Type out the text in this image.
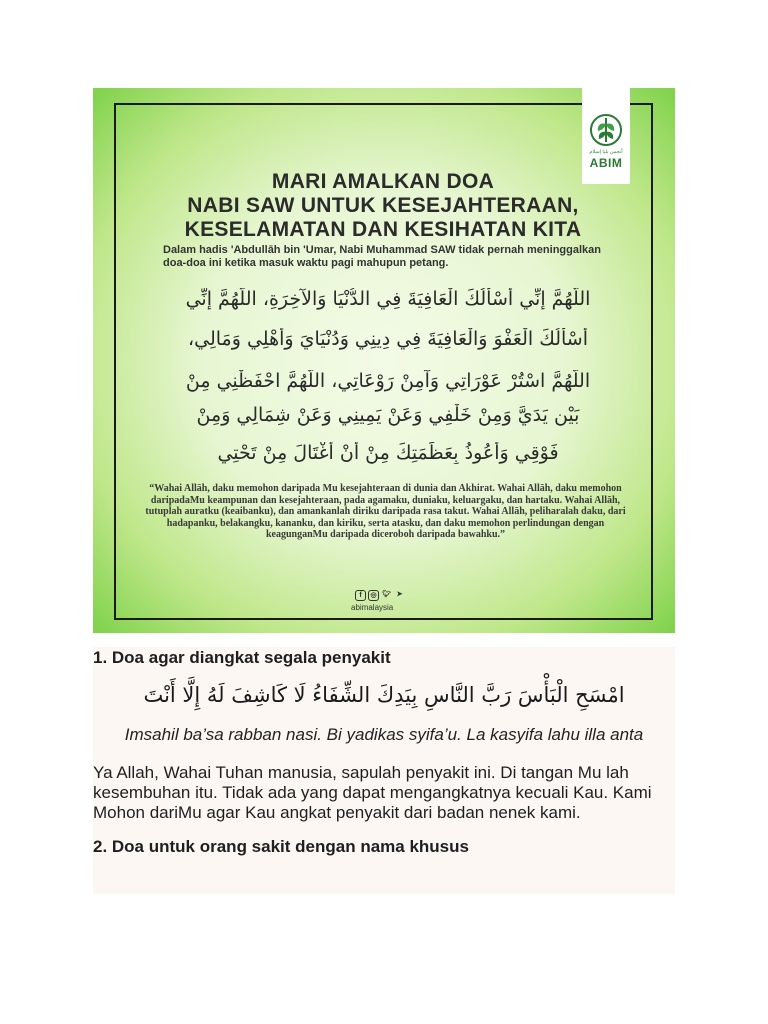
أنجمن بليا إسلام
ABIM

MARI AMALKAN DOA

NABI SAW UNTUK KESEJAHTERAAN,

KESELAMATAN DAN KESIHATAN KITA

Dalam hadis 'Abdullāh bin 'Umar, Nabi Muhammad SAW tidak pernah meninggalkan doa-doa ini ketika masuk waktu pagi mahupun petang.

اللَّهُمَّ إِنِّي أَسْأَلُكَ الْعَافِيَةَ فِي الدُّنْيَا وَالآخِرَةِ، اللَّهُمَّ إِنِّي

أَسْأَلُكَ الْعَفْوَ وَالْعَافِيَةَ فِي دِينِي وَدُنْيَايَ وَأَهْلِي وَمَالِي،

اللَّهُمَّ اسْتُرْ عَوْرَاتِي وَآمِنْ رَوْعَاتِي، اللَّهُمَّ احْفَظْنِي مِنْ

بَيْنِ يَدَيَّ وَمِنْ خَلْفِي وَعَنْ يَمِينِي وَعَنْ شِمَالِي وَمِنْ

فَوْقِي وَأَعُوذُ بِعَظَمَتِكَ مِنْ أَنْ أُغْتَالَ مِنْ تَحْتِي

“Wahai Allāh, daku memohon daripada Mu kesejahteraan di dunia dan Akhirat. Wahai Allāh, daku memohon daripadaMu keampunan dan kesejahteraan, pada agamaku, duniaku, keluargaku, dan hartaku. Wahai Allāh, tutuplah auratku (keaibanku), dan amankanlah diriku daripada rasa takut. Wahai Allāh, peliharalah daku, dari hadapanku, belakangku, kananku, dan kiriku, serta atasku, dan daku memohon perlindungan dengan keagunganMu daripada diceroboh daripada bawahku.”

f	◎ 🐦︎ ➤
abimalaysia

1. Doa agar diangkat segala penyakit

امْسَحِ الْبَأْسَ رَبَّ النَّاسِ بِيَدِكَ الشِّفَاءُ لَا كَاشِفَ لَهُ إِلَّا أَنْتَ

Imsahil ba’sa rabban nasi. Bi yadikas syifa’u. La kasyifa lahu illa anta

Ya Allah, Wahai Tuhan manusia, sapulah penyakit ini. Di tangan Mu lah kesembuhan itu. Tidak ada yang dapat mengangkatnya kecuali Kau. Kami Mohon dariMu agar Kau angkat penyakit dari badan nenek kami.

2. Doa untuk orang sakit dengan nama khusus
